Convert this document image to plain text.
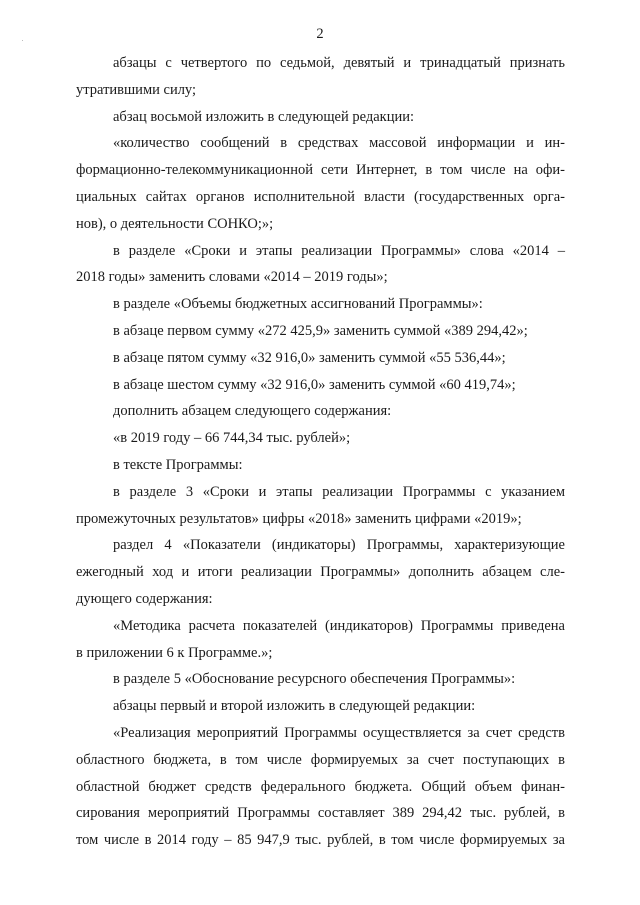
2
абзацы с четвертого по седьмой, девятый и тринадцатый признать
утратившими силу;
абзац восьмой изложить в следующей редакции:
«количество сообщений в средствах массовой информации и ин-
формационно-телекоммуникационной сети Интернет, в том числе на офи-
циальных сайтах органов исполнительной власти (государственных орга-
нов), о деятельности СОНКО;»;
в разделе «Сроки и этапы реализации Программы» слова «2014 –
2018 годы» заменить словами «2014 – 2019 годы»;
в разделе «Объемы бюджетных ассигнований Программы»:
в абзаце первом сумму «272 425,9» заменить суммой «389 294,42»;
в абзаце пятом сумму «32 916,0» заменить суммой «55 536,44»;
в абзаце шестом сумму «32 916,0» заменить суммой «60 419,74»;
дополнить абзацем следующего содержания:
«в 2019 году – 66 744,34 тыс. рублей»;
в тексте Программы:
в разделе 3 «Сроки и этапы реализации Программы с указанием
промежуточных результатов» цифры «2018» заменить цифрами «2019»;
раздел 4 «Показатели (индикаторы) Программы, характеризующие
ежегодный ход и итоги реализации Программы» дополнить абзацем сле-
дующего содержания:
«Методика расчета показателей (индикаторов) Программы приведена
в приложении 6 к Программе.»;
в разделе 5 «Обоснование ресурсного обеспечения Программы»:
абзацы первый и второй изложить в следующей редакции:
«Реализация мероприятий Программы осуществляется за счет средств
областного бюджета, в том числе формируемых за счет поступающих в
областной бюджет средств федерального бюджета. Общий объем финан-
сирования мероприятий Программы составляет 389 294,42 тыс. рублей, в
том числе в 2014 году – 85 947,9 тыс. рублей, в том числе формируемых за
